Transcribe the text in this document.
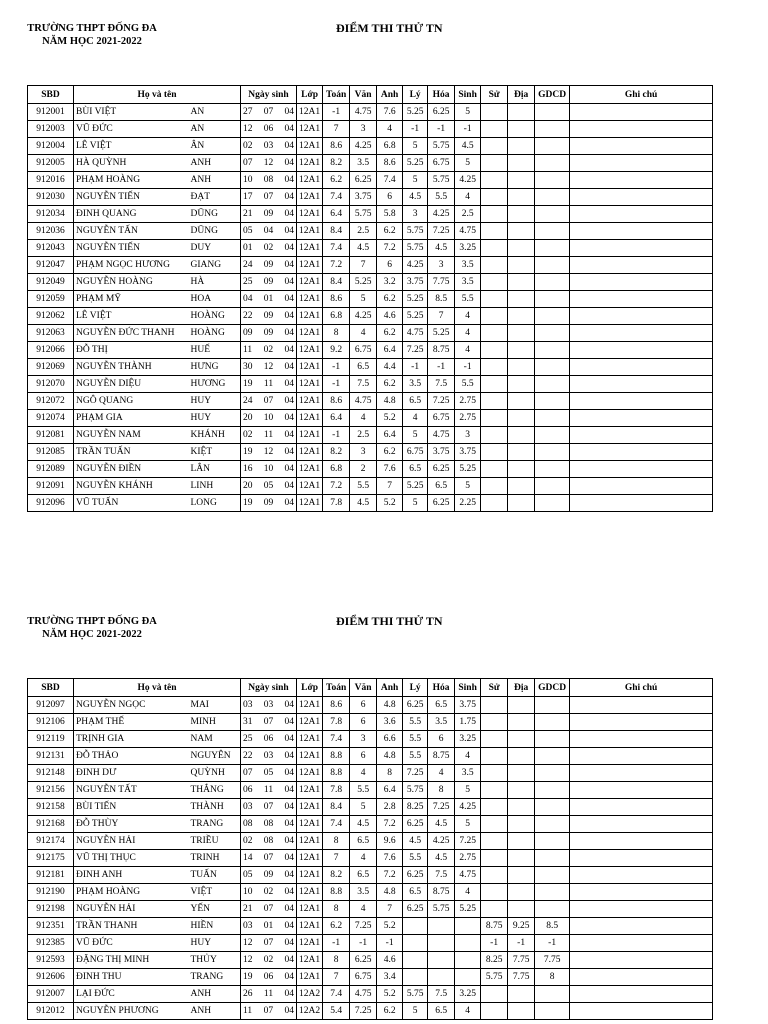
TRƯỜNG THPT ĐỐNG ĐA
NĂM HỌC 2021-2022
ĐIỂM THI THỬ TN
SBD	Họ và tên		Ngày sinh	Lớp	Toán	Văn	Anh	Lý	Hóa	Sinh	Sử	Địa	GDCD	Ghi chú
912001	BÙI VIỆT	AN	27 07 04	12A1	-1	4.75	7.6	5.25	6.25	5				
912003	VŨ ĐỨC	AN	12 06 04	12A1	7	3	4	-1	-1	-1				
912004	LÊ VIỆT	ÂN	02 03 04	12A1	8.6	4.25	6.8	5	5.75	4.5				
912005	HÀ QUỲNH	ANH	07 12 04	12A1	8.2	3.5	8.6	5.25	6.75	5				
912016	PHẠM HOÀNG	ANH	10 08 04	12A1	6.2	6.25	7.4	5	5.75	4.25				
912030	NGUYỄN TIẾN	ĐẠT	17 07 04	12A1	7.4	3.75	6	4.5	5.5	4				
912034	ĐINH QUANG	DŨNG	21 09 04	12A1	6.4	5.75	5.8	3	4.25	2.5				
912036	NGUYỄN TẤN	DŨNG	05 04 04	12A1	8.4	2.5	6.2	5.75	7.25	4.75				
912043	NGUYỄN TIẾN	DUY	01 02 04	12A1	7.4	4.5	7.2	5.75	4.5	3.25				
912047	PHẠM NGỌC HƯƠNG	GIANG	24 09 04	12A1	7.2	7	6	4.25	3	3.5				
912049	NGUYỄN HOÀNG	HÀ	25 09 04	12A1	8.4	5.25	3.2	3.75	7.75	3.5				
912059	PHẠM MỸ	HOA	04 01 04	12A1	8.6	5	6.2	5.25	8.5	5.5				
912062	LÊ VIỆT	HOÀNG	22 09 04	12A1	6.8	4.25	4.6	5.25	7	4				
912063	NGUYỄN ĐỨC THANH	HOÀNG	09 09 04	12A1	8	4	6.2	4.75	5.25	4				
912066	ĐỖ THỊ	HUẾ	11 02 04	12A1	9.2	6.75	6.4	7.25	8.75	4				
912069	NGUYỄN THÀNH	HƯNG	30 12 04	12A1	-1	6.5	4.4	-1	-1	-1				
912070	NGUYỄN DIỆU	HƯƠNG	19 11 04	12A1	-1	7.5	6.2	3.5	7.5	5.5				
912072	NGÔ QUANG	HUY	24 07 04	12A1	8.6	4.75	4.8	6.5	7.25	2.75				
912074	PHẠM GIA	HUY	20 10 04	12A1	6.4	4	5.2	4	6.75	2.75				
912081	NGUYỄN NAM	KHÁNH	02 11 04	12A1	-1	2.5	6.4	5	4.75	3				
912085	TRẦN TUẤN	KIỆT	19 12 04	12A1	8.2	3	6.2	6.75	3.75	3.75				
912089	NGUYỄN ĐIỀN	LÂN	16 10 04	12A1	6.8	2	7.6	6.5	6.25	5.25				
912091	NGUYỄN KHÁNH	LINH	20 05 04	12A1	7.2	5.5	7	5.25	6.5	5				
912096	VŨ TUẤN	LONG	19 09 04	12A1	7.8	4.5	5.2	5	6.25	2.25				
TRƯỜNG THPT ĐỐNG ĐA
NĂM HỌC 2021-2022
ĐIỂM THI THỬ TN
SBD	Họ và tên		Ngày sinh	Lớp	Toán	Văn	Anh	Lý	Hóa	Sinh	Sử	Địa	GDCD	Ghi chú
912097	NGUYỄN NGỌC	MAI	03 03 04	12A1	8.6	6	4.8	6.25	6.5	3.75				
912106	PHẠM THẾ	MINH	31 07 04	12A1	7.8	6	3.6	5.5	3.5	1.75				
912119	TRỊNH GIA	NAM	25 06 04	12A1	7.4	3	6.6	5.5	6	3.25				
912131	ĐỖ THẢO	NGUYÊN	22 03 04	12A1	8.8	6	4.8	5.5	8.75	4				
912148	ĐINH DƯ	QUỲNH	07 05 04	12A1	8.8	4	8	7.25	4	3.5				
912156	NGUYỄN TẤT	THẮNG	06 11 04	12A1	7.8	5.5	6.4	5.75	8	5				
912158	BÙI TIẾN	THÀNH	03 07 04	12A1	8.4	5	2.8	8.25	7.25	4.25				
912168	ĐỖ THÙY	TRANG	08 08 04	12A1	7.4	4.5	7.2	6.25	4.5	5				
912174	NGUYỄN HẢI	TRIỀU	02 08 04	12A1	8	6.5	9.6	4.5	4.25	7.25				
912175	VŨ THỊ THỤC	TRINH	14 07 04	12A1	7	4	7.6	5.5	4.5	2.75				
912181	ĐINH ANH	TUẤN	05 09 04	12A1	8.2	6.5	7.2	6.25	7.5	4.75				
912190	PHẠM HOÀNG	VIỆT	10 02 04	12A1	8.8	3.5	4.8	6.5	8.75	4				
912198	NGUYỄN HẢI	YẾN	21 07 04	12A1	8	4	7	6.25	5.75	5.25				
912351	TRẦN THANH	HIỀN	03 01 04	12A1	6.2	7.25	5.2				8.75	9.25	8.5	
912385	VŨ ĐỨC	HUY	12 07 04	12A1	-1	-1	-1				-1	-1	-1	
912593	ĐẶNG THỊ MINH	THỦY	12 02 04	12A1	8	6.25	4.6				8.25	7.75	7.75	
912606	ĐINH THU	TRANG	19 06 04	12A1	7	6.75	3.4				5.75	7.75	8	
912007	LẠI ĐỨC	ANH	26 11 04	12A2	7.4	4.75	5.2	5.75	7.5	3.25				
912012	NGUYỄN PHƯƠNG	ANH	11 07 04	12A2	5.4	7.25	6.2	5	6.5	4				
